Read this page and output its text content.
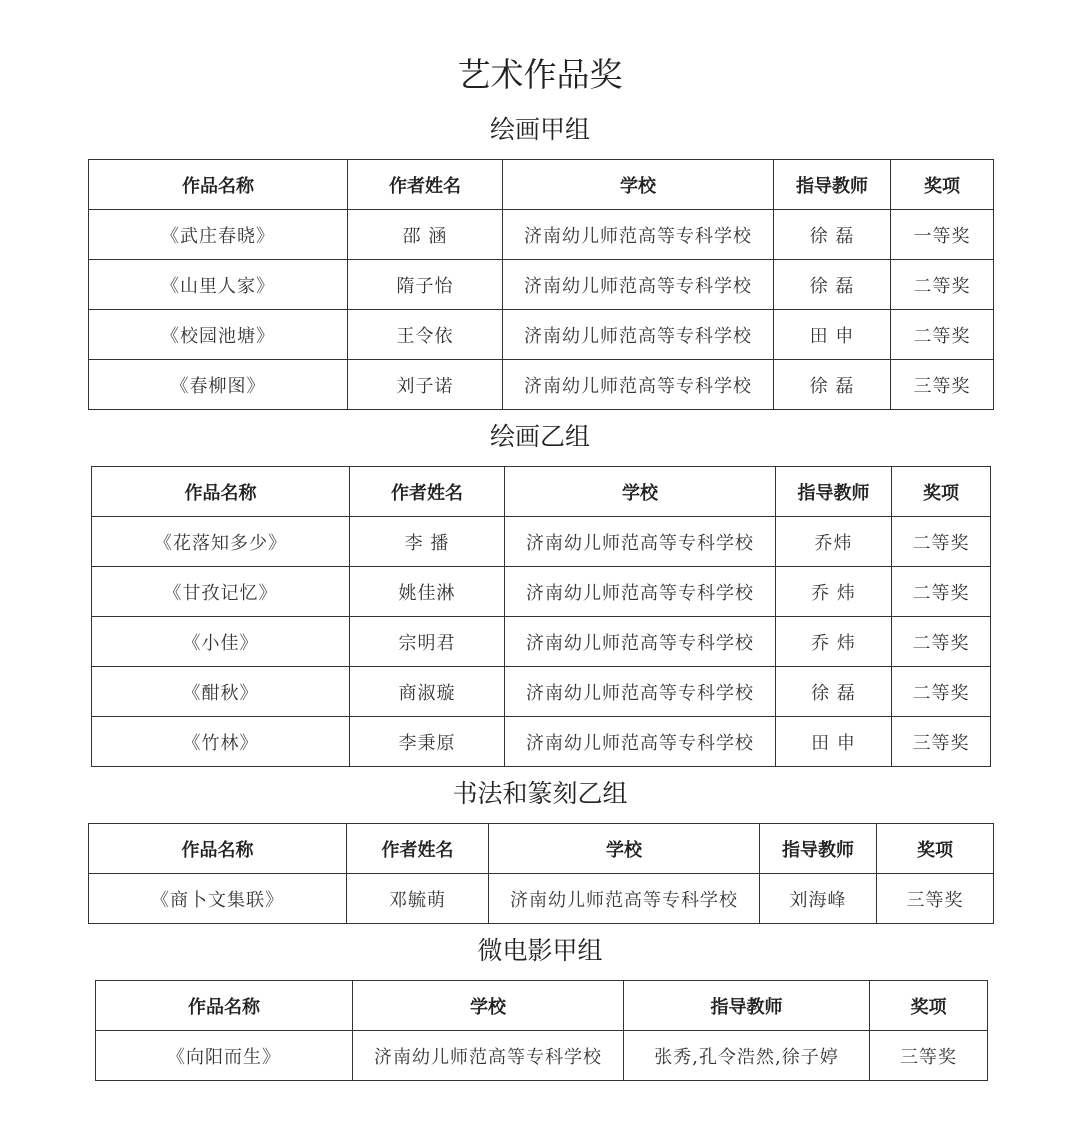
艺术作品奖
绘画甲组
作品名称	作者姓名	学校	指导教师	奖项
《武庄春晓》	邵 涵	济南幼儿师范高等专科学校	徐 磊	一等奖
《山里人家》	隋子怡	济南幼儿师范高等专科学校	徐 磊	二等奖
《校园池塘》	王令依	济南幼儿师范高等专科学校	田 申	二等奖
《春柳图》	刘子诺	济南幼儿师范高等专科学校	徐 磊	三等奖
绘画乙组
作品名称	作者姓名	学校	指导教师	奖项
《花落知多少》	李 播	济南幼儿师范高等专科学校	乔炜	二等奖
《甘孜记忆》	姚佳淋	济南幼儿师范高等专科学校	乔 炜	二等奖
《小佳》	宗明君	济南幼儿师范高等专科学校	乔 炜	二等奖
《酣秋》	商淑璇	济南幼儿师范高等专科学校	徐 磊	二等奖
《竹林》	李秉原	济南幼儿师范高等专科学校	田 申	三等奖
书法和篆刻乙组
作品名称	作者姓名	学校	指导教师	奖项
《商卜文集联》	邓毓萌	济南幼儿师范高等专科学校	刘海峰	三等奖
微电影甲组
作品名称	学校	指导教师	奖项
《向阳而生》	济南幼儿师范高等专科学校	张秀,孔令浩然,徐子婷	三等奖
